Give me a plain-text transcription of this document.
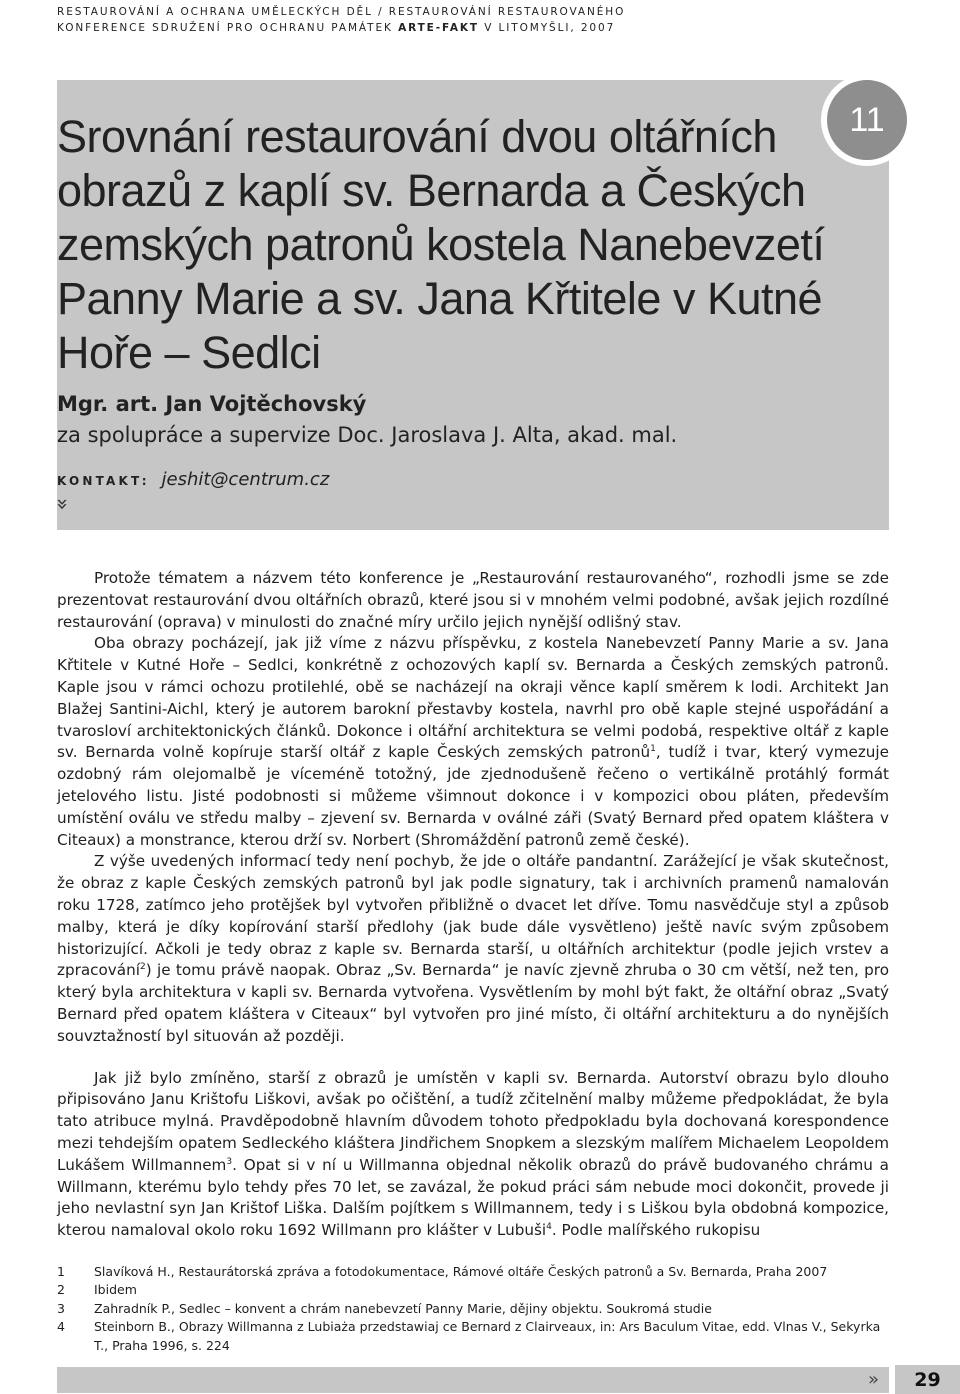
RESTAUROVÁNÍ A OCHRANA UMĚLECKÝCH DĚL / RESTAUROVÁNÍ RESTAUROVANÉHO
KONFERENCE SDRUŽENÍ PRO OCHRANU PAMÁTEK ARTE-FAKT V LITOMYŠLI, 2007
Srovnání restaurování dvou oltářních obrazů z kaplí sv. Bernarda a Českých zemských patronů kostela Nanebevzetí Panny Marie a sv. Jana Křtitele v Kutné Hoře – Sedlci

Mgr. art. Jan Vojtěchovský

za spolupráce a supervize Doc. Jaroslava J. Alta, akad. mal.

KONTAKT: jeshit@centrum.cz
»
11

Protože tématem a názvem této konference je „Restaurování restaurovaného“, rozhodli jsme se zde prezentovat restaurování dvou oltářních obrazů, které jsou si v mnohém velmi podobné, avšak jejich rozdílné restaurování (oprava) v minulosti do značné míry určilo jejich nynější odlišný stav.

Oba obrazy pocházejí, jak již víme z názvu příspěvku, z kostela Nanebevzetí Panny Marie a sv. Jana Křtitele v Kutné Hoře – Sedlci, konkrétně z ochozových kaplí sv. Bernarda a Českých zemských patronů. Kaple jsou v rámci ochozu protilehlé, obě se nacházejí na okraji věnce kaplí směrem k lodi. Architekt Jan Blažej Santini-Aichl, který je autorem barokní přestavby kostela, navrhl pro obě kaple stejné uspořádání a tvarosloví architektonických článků. Dokonce i oltářní architektura se velmi podobá, respektive oltář z kaple sv. Bernarda volně kopíruje starší oltář z kaple Českých zemských patronů$^1$, tudíž i tvar, který vymezuje ozdobný rám olejomalbě je víceméně totožný, jde zjednodušeně řečeno o vertikálně protáhlý formát jetelového listu. Jisté podobnosti si můžeme všimnout dokonce i v kompozici obou pláten, především umístění oválu ve středu malby – zjevení sv. Bernarda v oválné záři (Svatý Bernard před opatem kláštera v Citeaux) a monstrance, kterou drží sv. Norbert (Shromáždění patronů země české).

Z výše uvedených informací tedy není pochyb, že jde o oltáře pandantní. Zarážející je však skutečnost, že obraz z kaple Českých zemských patronů byl jak podle signatury, tak i archivních pramenů namalován roku 1728, zatímco jeho protějšek byl vytvořen přibližně o dvacet let dříve. Tomu nasvědčuje styl a způsob malby, která je díky kopírování starší předlohy (jak bude dále vysvětleno) ještě navíc svým způsobem historizující. Ačkoli je tedy obraz z kaple sv. Bernarda starší, u oltářních architektur (podle jejich vrstev a zpracování$^2$) je tomu právě naopak. Obraz „Sv. Bernarda“ je navíc zjevně zhruba o 30 cm větší, než ten, pro který byla architektura v kapli sv. Bernarda vytvořena. Vysvětlením by mohl být fakt, že oltářní obraz „Svatý Bernard před opatem kláštera v Citeaux“ byl vytvořen pro jiné místo, či oltářní architekturu a do nynějších souvztažností byl situován až později.

Jak již bylo zmíněno, starší z obrazů je umístěn v kapli sv. Bernarda. Autorství obrazu bylo dlouho připisováno Janu Krištofu Liškovi, avšak po očištění, a tudíž zčitelnění malby můžeme předpokládat, že byla tato atribuce mylná. Pravděpodobně hlavním důvodem tohoto předpokladu byla dochovaná korespondence mezi tehdejším opatem Sedleckého kláštera Jindřichem Snopkem a slezským malířem Michaelem Leopoldem Lukášem Willmannem$^3$. Opat si v ní u Willmanna objednal několik obrazů do právě budovaného chrámu a Willmann, kterému bylo tehdy přes 70 let, se zavázal, že pokud práci sám nebude moci dokončit, provede ji jeho nevlastní syn Jan Krištof Liška. Dalším pojítkem s Willmannem, tedy i s Liškou byla obdobná kompozice, kterou namaloval okolo roku 1692 Willmann pro klášter v Lubuši$^4$. Podle malířského rukopisu

1	Slavíková H., Restaurátorská zpráva a fotodokumentace, Rámové oltáře Českých patronů a Sv. Bernarda, Praha 2007
2	Ibidem
3	Zahradník P., Sedlec – konvent a chrám nanebevzetí Panny Marie, dějiny objektu. Soukromá studie
4	Steinborn B., Obrazy Willmanna z Lubiaża przedstawiaj ce Bernard z Clairveaux, in: Ars Baculum Vitae, edd. Vlnas V., Sekyrka T., Praha 1996, s. 224
»	29
